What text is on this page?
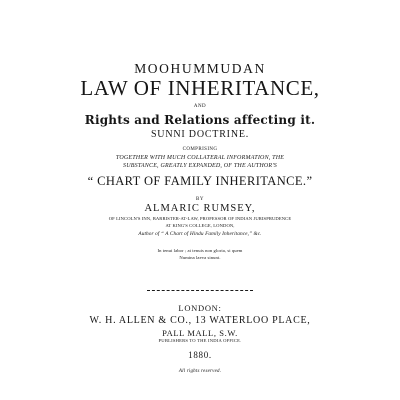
MOOHUMMUDAN
LAW OF INHERITANCE,
AND
Rights and Relations affecting it.
SUNNI DOCTRINE.
COMPRISING
TOGETHER WITH MUCH COLLATERAL INFORMATION, THE
SUBSTANCE, GREATLY EXPANDED, OF THE AUTHOR'S
“ CHART OF FAMILY INHERITANCE.”
BY
ALMARIC RUMSEY,
OF LINCOLN'S INN, BARRISTER-AT-LAW, PROFESSOR OF INDIAN JURISPRUDENCE
AT KING'S COLLEGE, LONDON,
Author of “ A Chart of Hindu Family Inheritance,” &c.
In tenui labor ; at tenuis non gloria, si quem
Numina laeva sinunt.
LONDON:
W. H. ALLEN & CO., 13 WATERLOO PLACE,
PALL MALL, S.W.
PUBLISHERS TO THE INDIA OFFICE.
1880.
All rights reserved.
